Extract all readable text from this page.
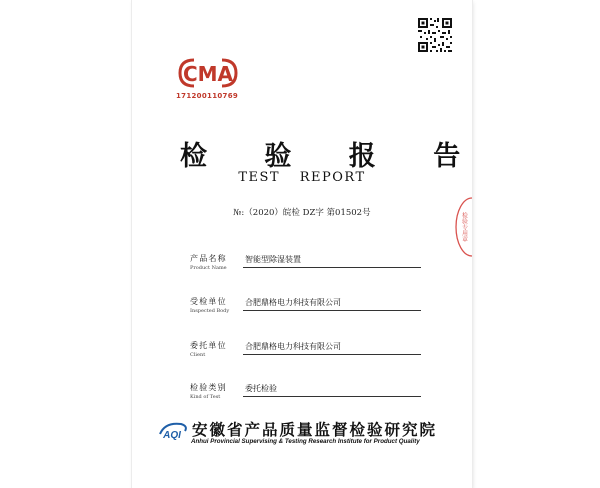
CMA
171200110769
检 验 报 告
TEST REPORT
№:（2020）皖检 DZ字 第01502号	检验专用章
产品名称
Product Name
智能型除湿装置
受检单位
Inspected Body
合肥鼎格电力科技有限公司
委托单位
Client
合肥鼎格电力科技有限公司
检验类别
Kind of Test
委托检验
AQI 安徽省产品质量监督检验研究院
Anhui Provincial Supervising & Testing Research Institute for Product Quality
